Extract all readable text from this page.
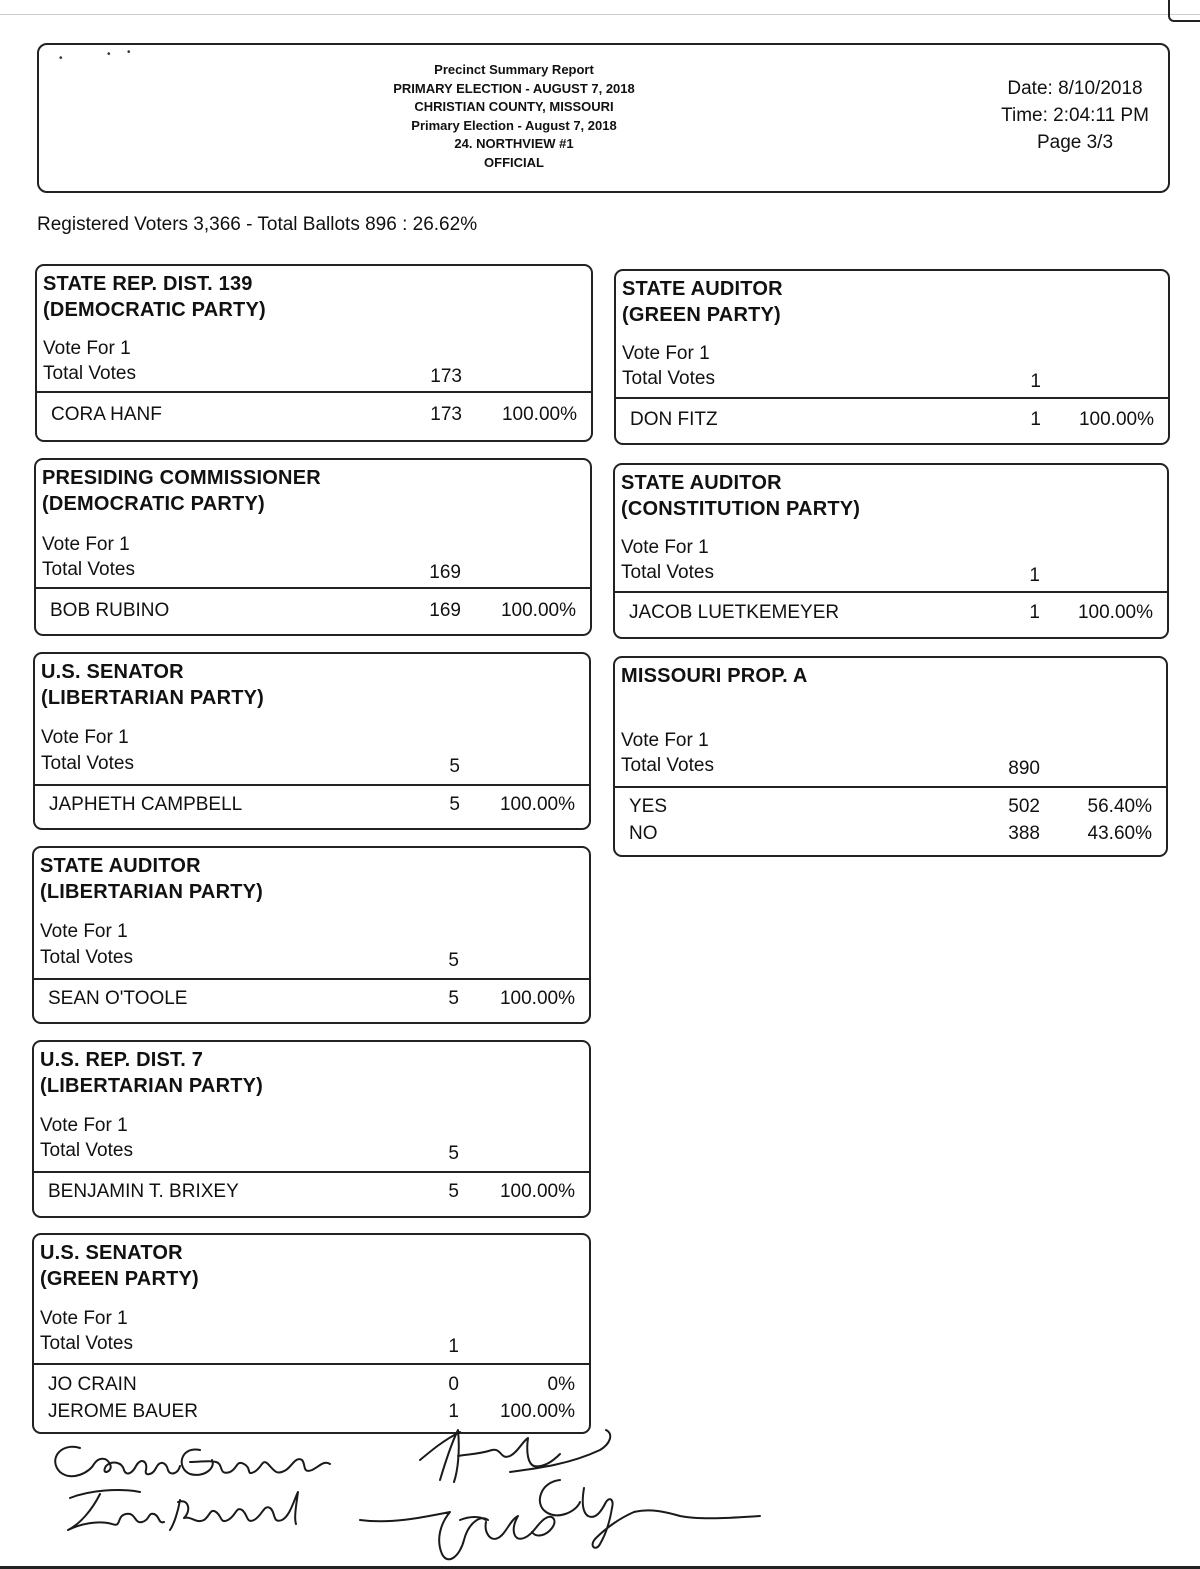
•	• •
Precinct Summary Report
PRIMARY ELECTION - AUGUST 7, 2018
CHRISTIAN COUNTY, MISSOURI
Primary Election - August 7, 2018
24. NORTHVIEW #1
OFFICIAL
Date: 8/10/2018
Time: 2:04:11 PM
Page 3/3
Registered Voters 3,366 - Total Ballots 896 : 26.62%
STATE REP. DIST. 139
(DEMOCRATIC PARTY)
Vote For 1
Total Votes	173
CORA HANF	173 100.00%
PRESIDING COMMISSIONER
(DEMOCRATIC PARTY)
Vote For 1
Total Votes	169
BOB RUBINO	169 100.00%
U.S. SENATOR
(LIBERTARIAN PARTY)
Vote For 1
Total Votes	5
JAPHETH CAMPBELL	5 100.00%
STATE AUDITOR
(LIBERTARIAN PARTY)
Vote For 1
Total Votes	5
SEAN O'TOOLE	5 100.00%
U.S. REP. DIST. 7
(LIBERTARIAN PARTY)
Vote For 1
Total Votes	5
BENJAMIN T. BRIXEY	5 100.00%
U.S. SENATOR
(GREEN PARTY)
Vote For 1
Total Votes	1
JO CRAIN	0	0%
JEROME BAUER	1 100.00%
STATE AUDITOR
(GREEN PARTY)
Vote For 1
Total Votes	1
DON FITZ	1 100.00%
STATE AUDITOR
(CONSTITUTION PARTY)
Vote For 1
Total Votes	1
JACOB LUETKEMEYER	1 100.00%
MISSOURI PROP. A
Vote For 1
Total Votes	890
YES	502	56.40%
NO	388	43.60%
